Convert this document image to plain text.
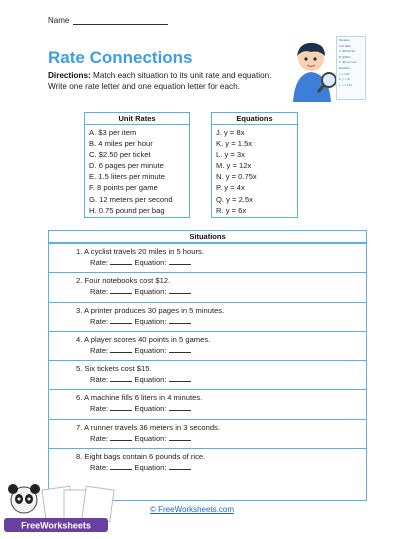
Name
Rate Connections
Directions: Match each situation to its unit rate and equation. Write one rate letter and one equation letter for each.
Situation
Unit Rate
A. $8.50/mile
B. $4/liter
C. $5 per hour
Equation
J. y = 8x
K. y = 4x
L. y = 2.5x
Unit Rates
A. $3 per item
B. 4 miles per hour
C. $2.50 per ticket
D. 6 pages per minute
E. 1.5 liters per minute
F. 8 points per game
G. 12 meters per second
H. 0.75 pound per bag
Equations
J. y = 8x
K. y = 1.5x
L. y = 3x
M. y = 12x
N. y = 0.75x
P. y = 4x
Q. y = 2.5x
R. y = 6x
Situations
1. A cyclist travels 20 miles in 5 hours.
Rate:	Equation:
2. Four notebooks cost $12.
Rate:	Equation:
3. A printer produces 30 pages in 5 minutes.
Rate:	Equation:
4. A player scores 40 points in 5 games.
Rate:	Equation:
5. Six tickets cost $15.
Rate:	Equation:
6. A machine fills 6 liters in 4 minutes.
Rate:	Equation:
7. A runner travels 36 meters in 3 seconds.
Rate:	Equation:
8. Eight bags contain 6 pounds of rice.
Rate:	Equation:
FreeWorksheets
© FreeWorksheets.com
